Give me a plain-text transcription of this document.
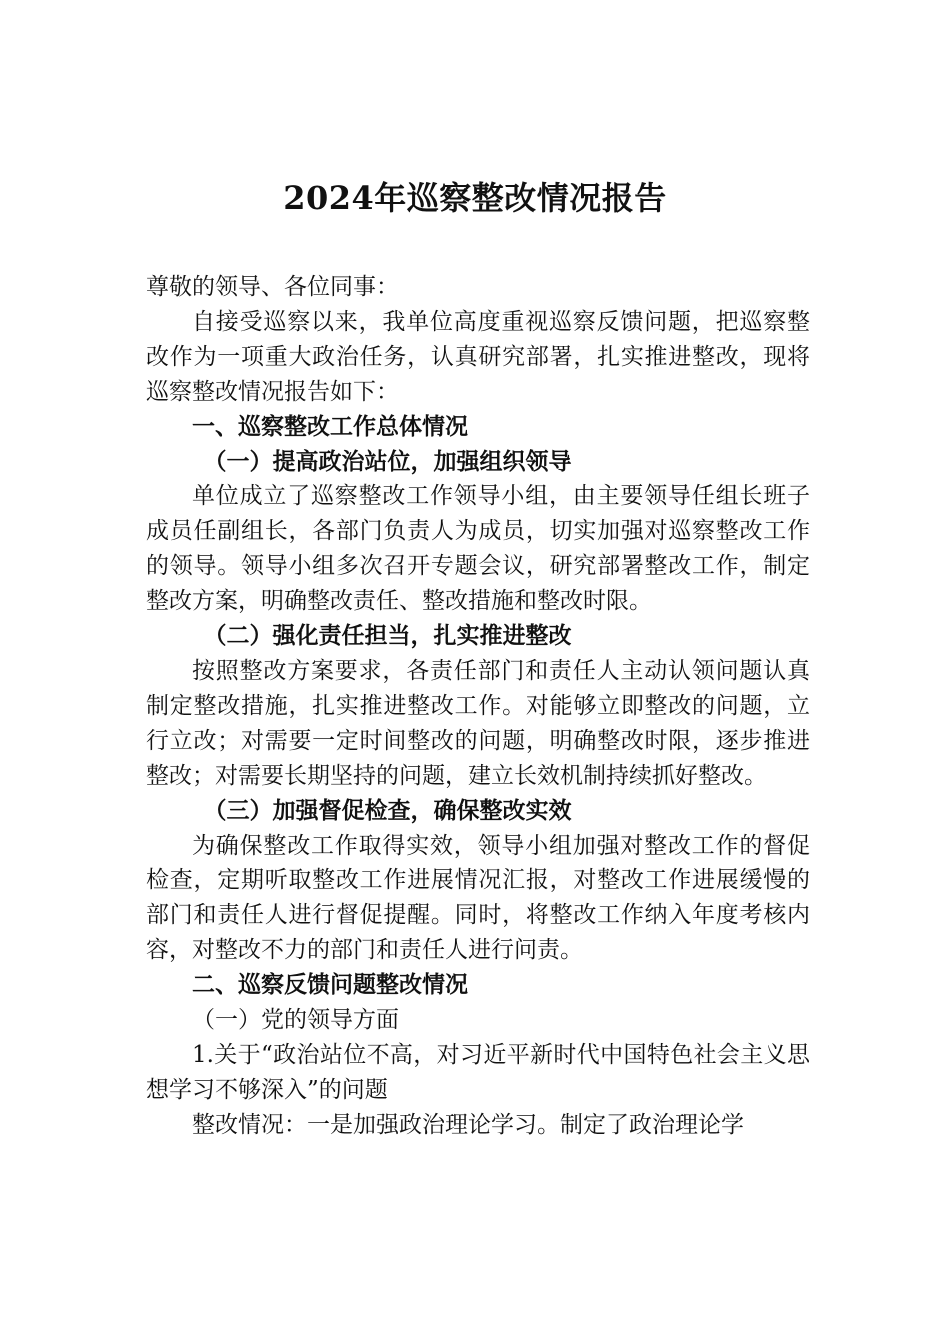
2024年巡察整改情况报告

尊敬的领导、各位同事：

自接受巡察以来，我单位高度重视巡察反馈问题，把巡察整改作为一项重大政治任务，认真研究部署，扎实推进整改，现将巡察整改情况报告如下：

一、巡察整改工作总体情况

（一）提高政治站位，加强组织领导

单位成立了巡察整改工作领导小组，由主要领导任组长班子成员任副组长，各部门负责人为成员，切实加强对巡察整改工作的领导。领导小组多次召开专题会议，研究部署整改工作，制定整改方案，明确整改责任、整改措施和整改时限。

（二）强化责任担当，扎实推进整改

按照整改方案要求，各责任部门和责任人主动认领问题认真制定整改措施，扎实推进整改工作。对能够立即整改的问题，立行立改；对需要一定时间整改的问题，明确整改时限，逐步推进整改；对需要长期坚持的问题，建立长效机制持续抓好整改。

（三）加强督促检查，确保整改实效

为确保整改工作取得实效，领导小组加强对整改工作的督促检查，定期听取整改工作进展情况汇报，对整改工作进展缓慢的部门和责任人进行督促提醒。同时，将整改工作纳入年度考核内容，对整改不力的部门和责任人进行问责。

二、巡察反馈问题整改情况

（一）党的领导方面

1.关于“政治站位不高，对习近平新时代中国特色社会主义思想学习不够深入”的问题

整改情况：一是加强政治理论学习。制定了政治理论学
